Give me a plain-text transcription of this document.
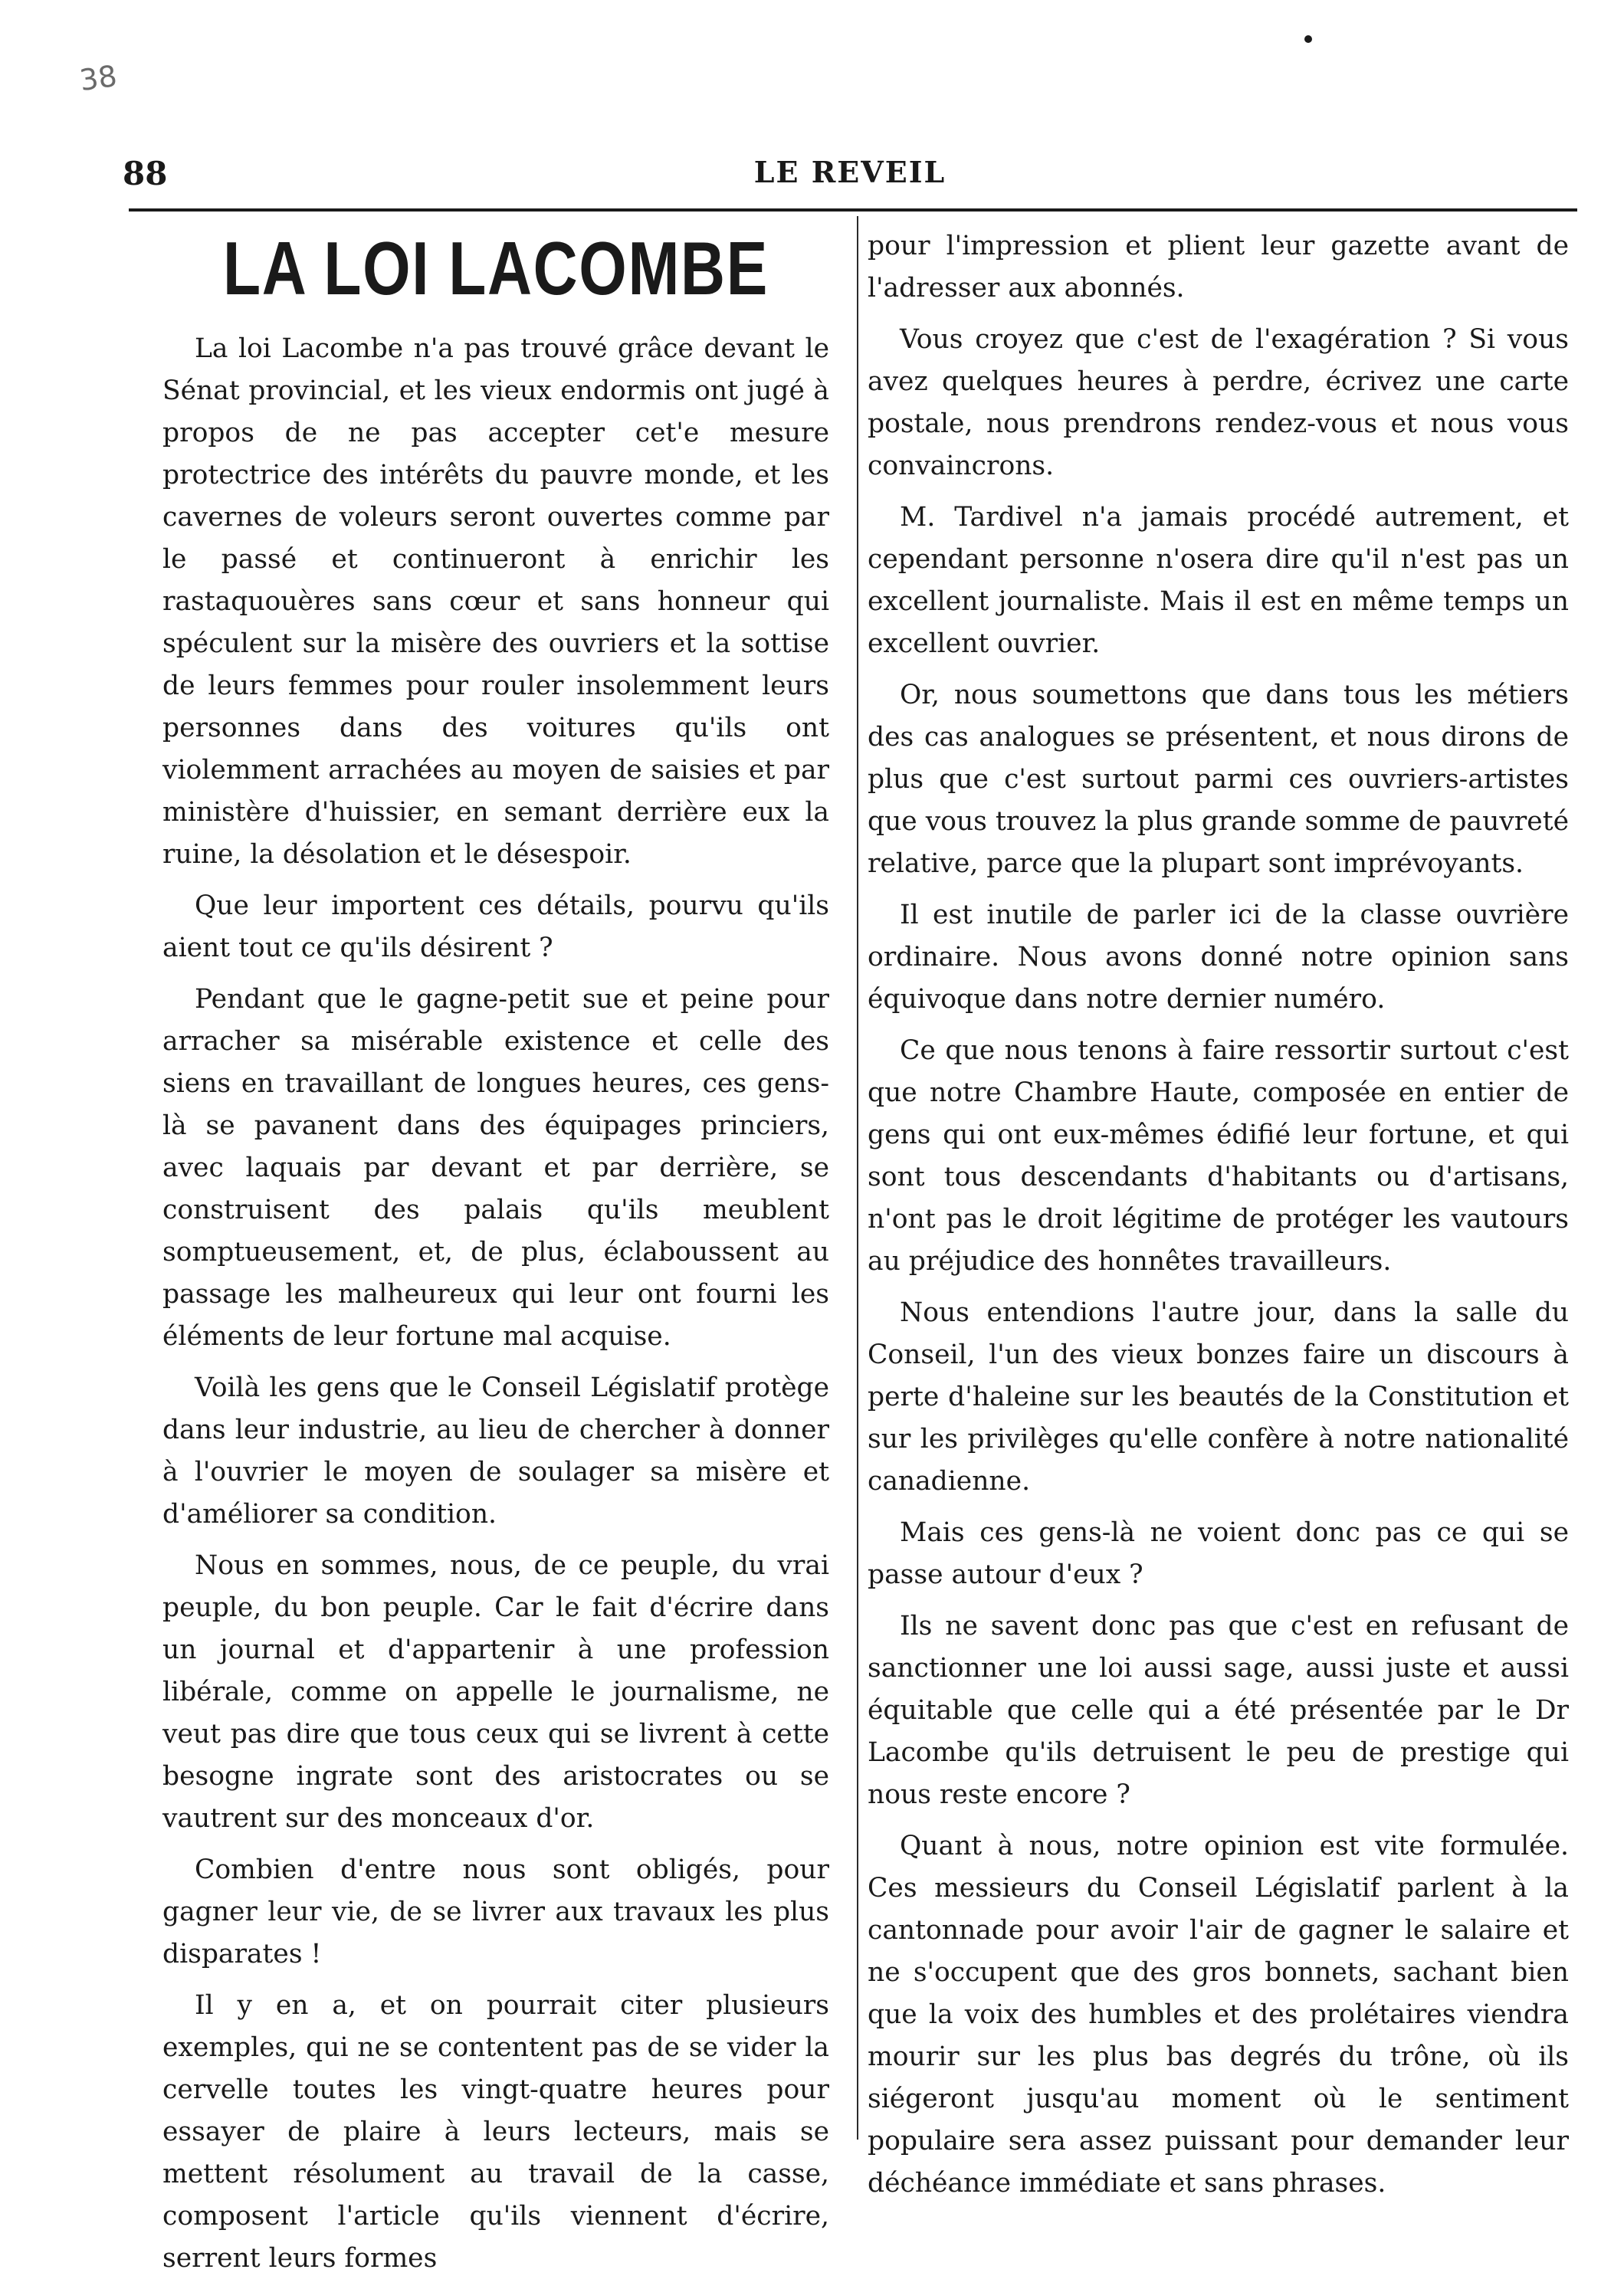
38
88	LE REVEIL
LA LOI LACOMBE

La loi Lacombe n'a pas trouvé grâce devant le Sénat provincial, et les vieux endormis ont jugé à propos de ne pas accepter cet'e mesure protectrice des intérêts du pauvre monde, et les cavernes de voleurs seront ouvertes comme par le passé et continueront à enrichir les rastaquouères sans cœur et sans honneur qui spéculent sur la misère des ouvriers et la sottise de leurs femmes pour rouler insolemment leurs personnes dans des voitures qu'ils ont violemment arrachées au moyen de saisies et par ministère d'huissier, en semant derrière eux la ruine, la désolation et le désespoir.

Que leur importent ces détails, pourvu qu'ils aient tout ce qu'ils désirent ?

Pendant que le gagne-petit sue et peine pour arracher sa misérable existence et celle des siens en travaillant de longues heures, ces gens-là se pavanent dans des équipages princiers, avec laquais par devant et par derrière, se construisent des palais qu'ils meublent somptueusement, et, de plus, éclaboussent au passage les malheureux qui leur ont fourni les éléments de leur fortune mal acquise.

Voilà les gens que le Conseil Législatif protège dans leur industrie, au lieu de chercher à donner à l'ouvrier le moyen de soulager sa misère et d'améliorer sa condition.

Nous en sommes, nous, de ce peuple, du vrai peuple, du bon peuple. Car le fait d'écrire dans un journal et d'appartenir à une profession libérale, comme on appelle le journalisme, ne veut pas dire que tous ceux qui se livrent à cette besogne ingrate sont des aristocrates ou se vautrent sur des monceaux d'or.

Combien d'entre nous sont obligés, pour gagner leur vie, de se livrer aux travaux les plus disparates !

Il y en a, et on pourrait citer plusieurs exemples, qui ne se contentent pas de se vider la cervelle toutes les vingt-quatre heures pour essayer de plaire à leurs lecteurs, mais se mettent résolument au travail de la casse, composent l'article qu'ils viennent d'écrire, serrent leurs formes

pour l'impression et plient leur gazette avant de l'adresser aux abonnés.

Vous croyez que c'est de l'exagération ? Si vous avez quelques heures à perdre, écrivez une carte postale, nous prendrons rendez-vous et nous vous convaincrons.

M. Tardivel n'a jamais procédé autrement, et cependant personne n'osera dire qu'il n'est pas un excellent journaliste. Mais il est en même temps un excellent ouvrier.

Or, nous soumettons que dans tous les métiers des cas analogues se présentent, et nous dirons de plus que c'est surtout parmi ces ouvriers-artistes que vous trouvez la plus grande somme de pauvreté relative, parce que la plupart sont imprévoyants.

Il est inutile de parler ici de la classe ouvrière ordinaire. Nous avons donné notre opinion sans équivoque dans notre dernier numéro.

Ce que nous tenons à faire ressortir surtout c'est que notre Chambre Haute, composée en entier de gens qui ont eux-mêmes édifié leur fortune, et qui sont tous descendants d'habitants ou d'artisans, n'ont pas le droit légitime de protéger les vautours au préjudice des honnêtes travailleurs.

Nous entendions l'autre jour, dans la salle du Conseil, l'un des vieux bonzes faire un discours à perte d'haleine sur les beautés de la Constitution et sur les privilèges qu'elle confère à notre nationalité canadienne.

Mais ces gens-là ne voient donc pas ce qui se passe autour d'eux ?

Ils ne savent donc pas que c'est en refusant de sanctionner une loi aussi sage, aussi juste et aussi équitable que celle qui a été présentée par le Dr Lacombe qu'ils detruisent le peu de prestige qui nous reste encore ?

Quant à nous, notre opinion est vite formulée. Ces messieurs du Conseil Législatif parlent à la cantonnade pour avoir l'air de gagner le salaire et ne s'occupent que des gros bonnets, sachant bien que la voix des humbles et des prolétaires viendra mourir sur les plus bas degrés du trône, où ils siégeront jusqu'au moment où le sentiment populaire sera assez puissant pour demander leur déchéance immédiate et sans phrases.
